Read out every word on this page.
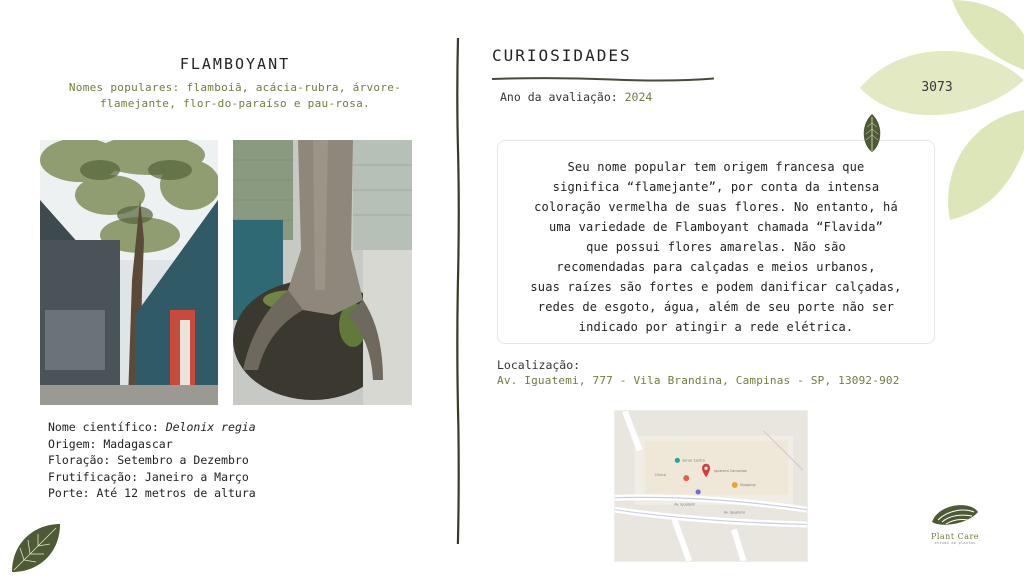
FLAMBOYANT
Nomes populares: flamboiã, acácia-rubra, árvore-
flamejante, flor-do-paraíso e pau-rosa.
Nome científico: Delonix regia
Origem: Madagascar
Floração: Setembro a Dezembro
Frutificação: Janeiro a Março
Porte: Até 12 metros de altura
CURIOSIDADES
Ano da avaliação: 2024
Seu nome popular tem origem francesa que
significa “flamejante”, por conta da intensa
coloração vermelha de suas flores. No entanto, há
uma variedade de Flamboyant chamada “Flavida”
que possui flores amarelas. Não são
recomendadas para calçadas e meios urbanos,
suas raízes são fortes e podem danificar calçadas,
redes de esgoto, água, além de seu porte não ser
indicado por atingir a rede elétrica.
Localização:
Av. Iguatemi, 777 - Vila Brandina, Campinas - SP, 13092-902
Senac Centro
Iguatemi Campinas
Clinica
Shopping
Av. Iguatemi
Av. Iguatemi
3073
Plant Care
estudo de plantas
